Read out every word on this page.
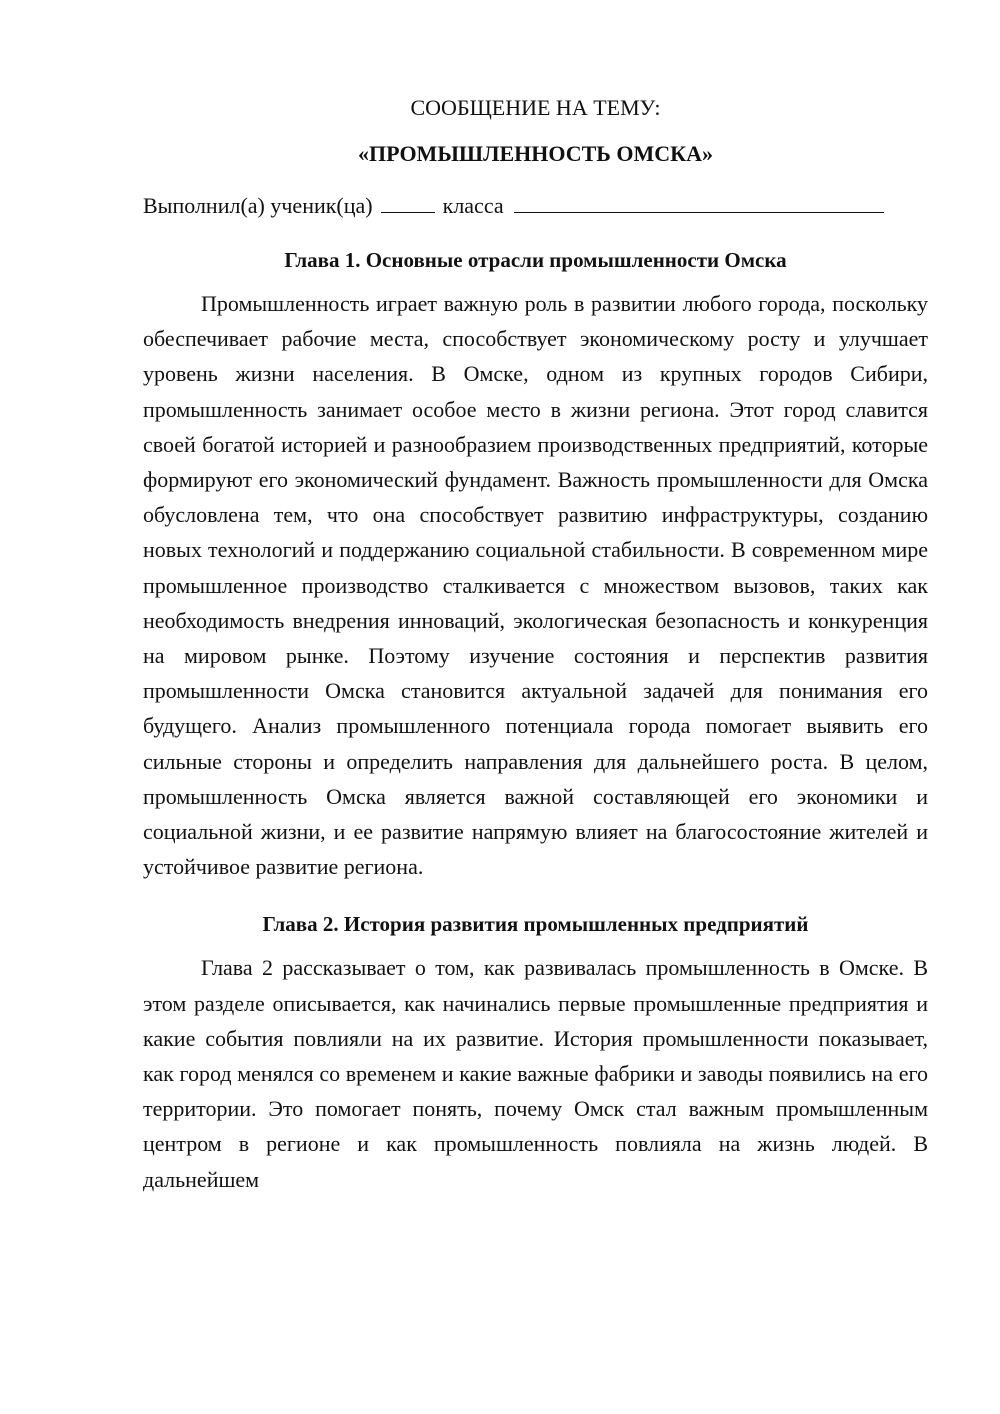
СООБЩЕНИЕ НА ТЕМУ:

«ПРОМЫШЛЕННОСТЬ ОМСКА»

Выполнил(а) ученик(ца)	класса
Глава 1. Основные отрасли промышленности Омска

Промышленность играет важную роль в развитии любого города, поскольку обеспечивает рабочие места, способствует экономическому росту и улучшает уровень жизни населения. В Омске, одном из крупных городов Сибири, промышленность занимает особое место в жизни региона. Этот город славится своей богатой историей и разнообразием производственных предприятий, которые формируют его экономический фундамент. Важность промышленности для Омска обусловлена тем, что она способствует развитию инфраструктуры, созданию новых технологий и поддержанию социальной стабильности. В современном мире промышленное производство сталкивается с множеством вызовов, таких как необходимость внедрения инноваций, экологическая безопасность и конкуренция на мировом рынке. Поэтому изучение состояния и перспектив развития промышленности Омска становится актуальной задачей для понимания его будущего. Анализ промышленного потенциала города помогает выявить его сильные стороны и определить направления для дальнейшего роста. В целом, промышленность Омска является важной составляющей его экономики и социальной жизни, и ее развитие напрямую влияет на благосостояние жителей и устойчивое развитие региона.

Глава 2. История развития промышленных предприятий

Глава 2 рассказывает о том, как развивалась промышленность в Омске. В этом разделе описывается, как начинались первые промышленные предприятия и какие события повлияли на их развитие. История промышленности показывает, как город менялся со временем и какие важные фабрики и заводы появились на его территории. Это помогает понять, почему Омск стал важным промышленным центром в регионе и как промышленность повлияла на жизнь людей. В дальнейшем
